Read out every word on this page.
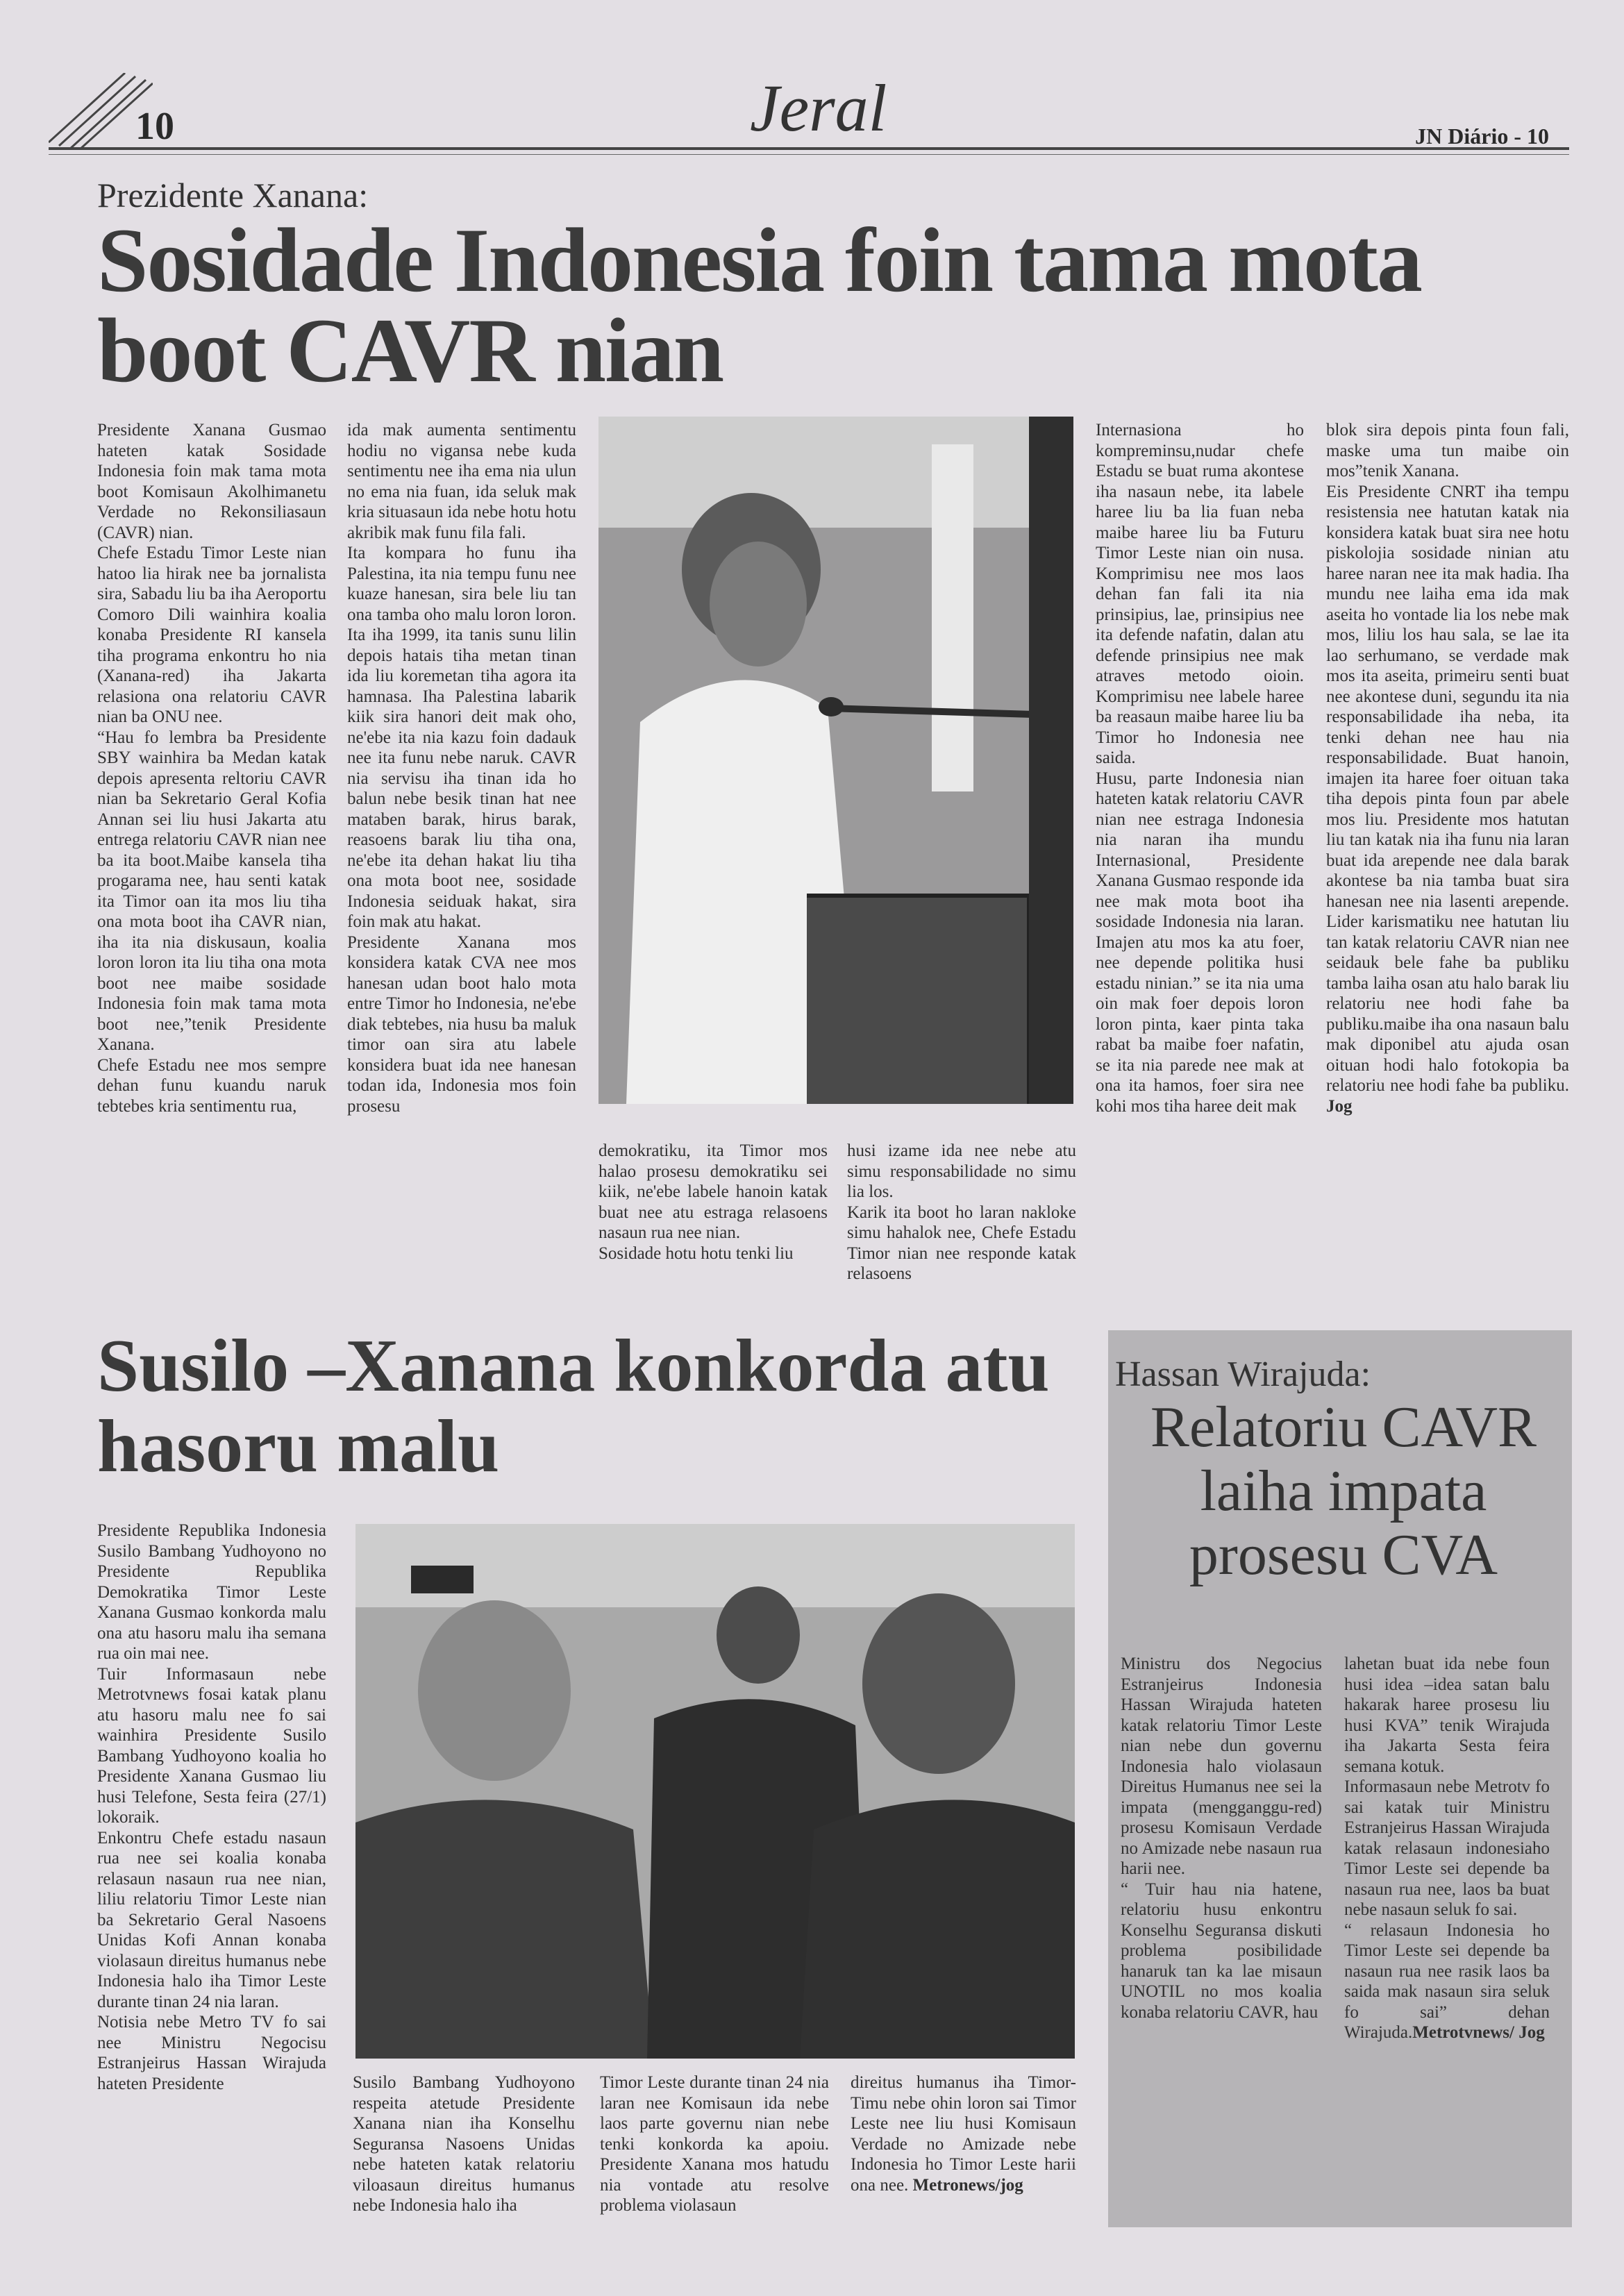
10	Jeral	JN Diário - 10
Prezidente Xanana:
Sosidade Indonesia foin tama mota boot CAVR nian

Presidente Xanana Gusmao hateten katak Sosidade Indonesia foin mak tama mota boot Komisaun Akolhimanetu Verdade no Rekonsiliasaun (CAVR) nian.

Chefe Estadu Timor Leste nian hatoo lia hirak nee ba jornalista sira, Sabadu liu ba iha Aeroportu Comoro Dili wainhira koalia konaba Presidente RI kansela tiha programa enkontru ho nia (Xanana-red) iha Jakarta relasiona ona relatoriu CAVR nian ba ONU nee.

“Hau fo lembra ba Presidente SBY wainhira ba Medan katak depois apresenta reltoriu CAVR nian ba Sekretario Geral Kofia Annan sei liu husi Jakarta atu entrega relatoriu CAVR nian nee ba ita boot.Maibe kansela tiha progarama nee, hau senti katak ita Timor oan ita mos liu tiha ona mota boot iha CAVR nian, iha ita nia diskusaun, koalia loron loron ita liu tiha ona mota boot nee maibe sosidade Indonesia foin mak tama mota boot nee,”tenik Presidente Xanana.

Chefe Estadu nee mos sempre dehan funu kuandu naruk tebtebes kria sentimentu rua,

ida mak aumenta sentimentu hodiu no vigansa nebe kuda sentimentu nee iha ema nia ulun no ema nia fuan, ida seluk mak kria situasaun ida nebe hotu hotu akribik mak funu fila fali.

Ita kompara ho funu iha Palestina, ita nia tempu funu nee kuaze hanesan, sira bele liu tan ona tamba oho malu loron loron. Ita iha 1999, ita tanis sunu lilin depois hatais tiha metan tinan ida liu koremetan tiha agora ita hamnasa. Iha Palestina labarik kiik sira hanori deit mak oho, ne'ebe ita nia kazu foin dadauk nee ita funu nebe naruk. CAVR nia servisu iha tinan ida ho balun nebe besik tinan hat nee mataben barak, hirus barak, reasoens barak liu tiha ona, ne'ebe ita dehan hakat liu tiha ona mota boot nee, sosidade Indonesia seiduak hakat, sira foin mak atu hakat.

Presidente Xanana mos konsidera katak CVA nee mos hanesan udan boot halo mota entre Timor ho Indonesia, ne'ebe diak tebtebes, nia husu ba maluk timor oan sira atu labele konsidera buat ida nee hanesan todan ida, Indonesia mos foin prosesu

demokratiku, ita Timor mos halao prosesu demokratiku sei kiik, ne'ebe labele hanoin katak buat nee atu estraga relasoens nasaun rua nee nian.

Sosidade hotu hotu tenki liu

husi izame ida nee nebe atu simu responsabilidade no simu lia los.

Karik ita boot ho laran nakloke simu hahalok nee, Chefe Estadu Timor nian nee responde katak relasoens

Internasiona ho kompreminsu,nudar chefe Estadu se buat ruma akontese iha nasaun nebe, ita labele haree liu ba lia fuan neba maibe haree liu ba Futuru Timor Leste nian oin nusa. Komprimisu nee mos laos dehan fan fali ita nia prinsipius, lae, prinsipius nee ita defende nafatin, dalan atu defende prinsipius nee mak atraves metodo oioin. Komprimisu nee labele haree ba reasaun maibe haree liu ba Timor ho Indonesia nee saida.

Husu, parte Indonesia nian hateten katak relatoriu CAVR nian nee estraga Indonesia nia naran iha mundu Internasional, Presidente Xanana Gusmao responde ida nee mak mota boot iha sosidade Indonesia nia laran. Imajen atu mos ka atu foer, nee depende politika husi estadu ninian.” se ita nia uma oin mak foer depois loron loron pinta, kaer pinta taka rabat ba maibe foer nafatin, se ita nia parede nee mak at ona ita hamos, foer sira nee kohi mos tiha haree deit mak

blok sira depois pinta foun fali, maske uma tun maibe oin mos”tenik Xanana.

Eis Presidente CNRT iha tempu resistensia nee hatutan katak nia konsidera katak buat sira nee hotu piskolojia sosidade ninian atu haree naran nee ita mak hadia. Iha mundu nee laiha ema ida mak aseita ho vontade lia los nebe mak mos, liliu los hau sala, se lae ita lao serhumano, se verdade mak mos ita aseita, primeiru senti buat nee akontese duni, segundu ita nia responsabilidade iha neba, ita tenki dehan nee hau nia responsabilidade. Buat hanoin, imajen ita haree foer oituan taka tiha depois pinta foun par abele mos liu. Presidente mos hatutan liu tan katak nia iha funu nia laran buat ida arepende nee dala barak akontese ba nia tamba buat sira hanesan nee nia lasenti arepende. Lider karismatiku nee hatutan liu tan katak relatoriu CAVR nian nee seidauk bele fahe ba publiku tamba laiha osan atu halo barak liu relatoriu nee hodi fahe ba publiku.maibe iha ona nasaun balu mak diponibel atu ajuda osan oituan hodi halo fotokopia ba relatoriu nee hodi fahe ba publiku. Jog

Susilo –Xanana konkorda atu hasoru malu

Presidente Republika Indonesia Susilo Bambang Yudhoyono no Presidente Republika Demokratika Timor Leste Xanana Gusmao konkorda malu ona atu hasoru malu iha semana rua oin mai nee.

Tuir Informasaun nebe Metrotvnews fosai katak planu atu hasoru malu nee fo sai wainhira Presidente Susilo Bambang Yudhoyono koalia ho Presidente Xanana Gusmao liu husi Telefone, Sesta feira (27/1) lokoraik.

Enkontru Chefe estadu nasaun rua nee sei koalia konaba relasaun nasaun rua nee nian, liliu relatoriu Timor Leste nian ba Sekretario Geral Nasoens Unidas Kofi Annan konaba violasaun direitus humanus nebe Indonesia halo iha Timor Leste durante tinan 24 nia laran.

Notisia nebe Metro TV fo sai nee Ministru Negocisu Estranjeirus Hassan Wirajuda hateten Presidente	Susilo Bambang Yudhoyono respeita atetude Presidente Xanana nian iha Konselhu Seguransa Nasoens Unidas nebe hateten katak relatoriu viloasaun direitus humanus nebe Indonesia halo iha
Timor Leste durante tinan 24 nia laran nee Komisaun ida nebe laos parte governu nian nebe tenki konkorda ka apoiu. Presidente Xanana mos hatudu nia vontade atu resolve problema violasaun
direitus humanus iha Timor-Timu nebe ohin loron sai Timor Leste nee liu husi Komisaun Verdade no Amizade nebe Indonesia ho Timor Leste harii ona nee. Metronews/jog
Hassan Wirajuda:
Relatoriu CAVR laiha impata prosesu CVA

Ministru dos Negocius Estranjeirus Indonesia Hassan Wirajuda hateten katak relatoriu Timor Leste nian nebe dun governu Indonesia halo violasaun Direitus Humanus nee sei la impata (mengganggu-red) prosesu Komisaun Verdade no Amizade nebe nasaun rua harii nee.

“ Tuir hau nia hatene, relatoriu husu enkontru Konselhu Seguransa diskuti problema posibilidade hanaruk tan ka lae misaun UNOTIL no mos koalia konaba relatoriu CAVR, hau

lahetan buat ida nebe foun husi idea –idea satan balu hakarak haree prosesu liu husi KVA” tenik Wirajuda iha Jakarta Sesta feira semana kotuk.

Informasaun nebe Metrotv fo sai katak tuir Ministru Estranjeirus Hassan Wirajuda katak relasaun indonesiaho Timor Leste sei depende ba nasaun rua nee, laos ba buat nebe nasaun seluk fo sai.

“ relasaun Indonesia ho Timor Leste sei depende ba nasaun rua nee rasik laos ba saida mak nasaun sira seluk fo sai” dehan Wirajuda.Metrotvnews/ Jog
